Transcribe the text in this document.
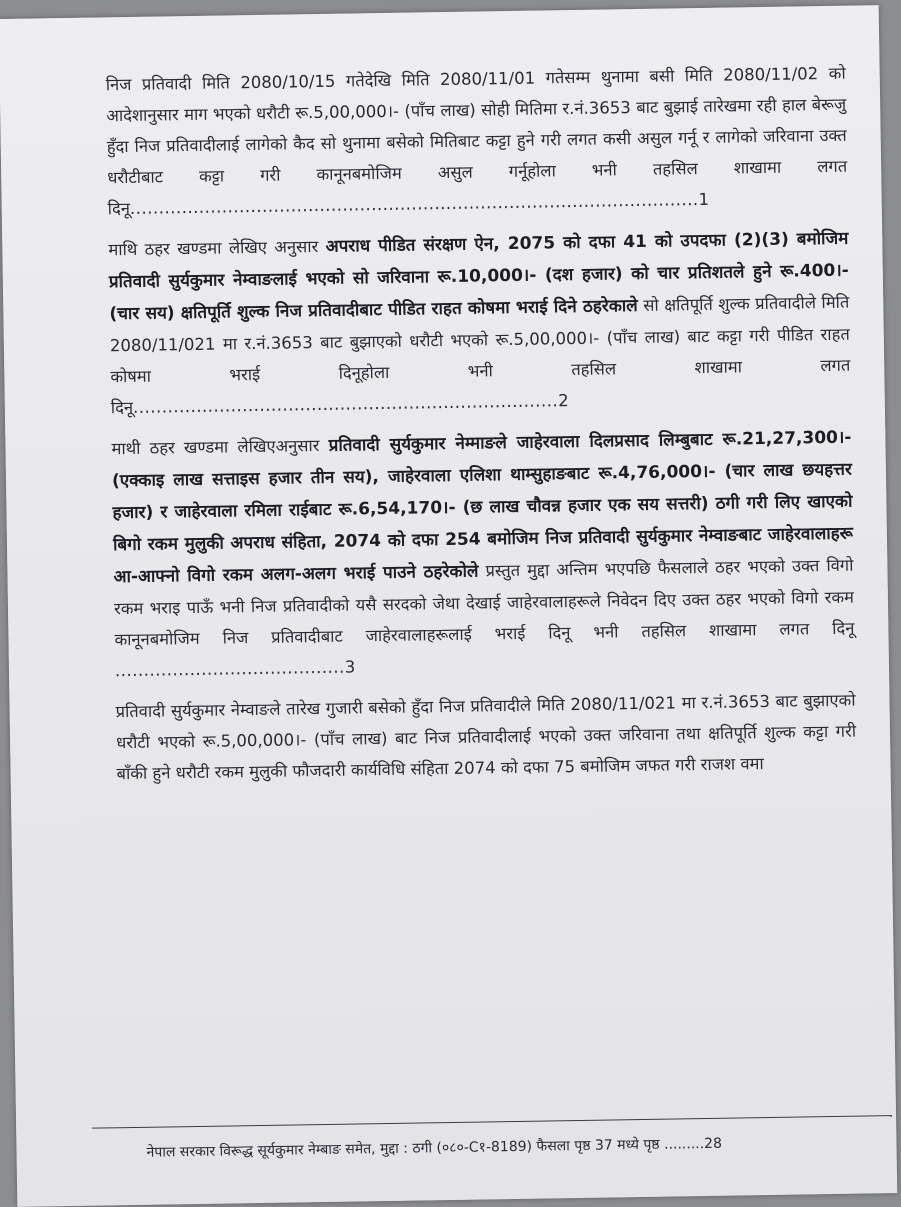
निज प्रतिवादी मिति 2080/10/15 गतेदेखि मिति 2080/11/01 गतेसम्म थुनामा बसी मिति 2080/11/02 को आदेशानुसार माग भएको धरौटी रू.5,00,000।- (पाँच लाख) सोही मितिमा र.नं.3653 बाट बुझाई तारेखमा रही हाल बेरूजु हुँदा निज प्रतिवादीलाई लागेको कैद सो थुनामा बसेको मितिबाट कट्टा हुने गरी लगत कसी असुल गर्नू र लागेको जरिवाना उक्त धरौटीबाट कट्टा गरी कानूनबमोजिम असुल गर्नूहोला भनी तहसिल शाखामा लगत दिनू...................................................................................................1

माथि ठहर खण्डमा लेखिए अनुसार अपराध पीडित संरक्षण ऐन, 2075 को दफा 41 को उपदफा (2)(3) बमोजिम प्रतिवादी सुर्यकुमार नेम्वाङलाई भएको सो जरिवाना रू.10,000।- (दश हजार) को चार प्रतिशतले हुने रू.400।- (चार सय) क्षतिपूर्ति शुल्क निज प्रतिवादीबाट पीडित राहत कोषमा भराई दिने ठहरेकाले सो क्षतिपूर्ति शुल्क प्रतिवादीले मिति 2080/11/021 मा र.नं.3653 बाट बुझाएको धरौटी भएको रू.5,00,000।- (पाँच लाख) बाट कट्टा गरी पीडित राहत कोषमा भराई दिनूहोला भनी तहसिल शाखामा लगत दिनू..........................................................................2

माथी ठहर खण्डमा लेखिएअनुसार प्रतिवादी सुर्यकुमार नेम्माङले जाहेरवाला दिलप्रसाद लिम्बुबाट रू.21,27,300।- (एक्काइ लाख सत्ताइस हजार तीन सय), जाहेरवाला एलिशा थाम्सुहाङबाट रू.4,76,000।- (चार लाख छयहत्तर हजार) र जाहेरवाला रमिला राईबाट रू.6,54,170।- (छ लाख चौवन्न हजार एक सय सत्तरी) ठगी गरी लिए खाएको बिगो रकम मुलुकी अपराध संहिता, 2074 को दफा 254 बमोजिम निज प्रतिवादी सुर्यकुमार नेम्वाङबाट जाहेरवालाहरू आ-आफ्नो विगो रकम अलग-अलग भराई पाउने ठहरेकोले प्रस्तुत मुद्दा अन्तिम भएपछि फैसलाले ठहर भएको उक्त विगो रकम भराइ पाऊँ भनी निज प्रतिवादीको यसै सरदको जेथा देखाई जाहेरवालाहरूले निवेदन दिए उक्त ठहर भएको विगो रकम कानूनबमोजिम निज प्रतिवादीबाट जाहेरवालाहरूलाई भराई दिनू भनी तहसिल शाखामा लगत दिनू ........................................3

प्रतिवादी सुर्यकुमार नेम्वाङले तारेख गुजारी बसेको हुँदा निज प्रतिवादीले मिति 2080/11/021 मा र.नं.3653 बाट बुझाएको धरौटी भएको रू.5,00,000।- (पाँच लाख) बाट निज प्रतिवादीलाई भएको उक्त जरिवाना तथा क्षतिपूर्ति शुल्क कट्टा गरी बाँकी हुने धरौटी रकम मुलुकी फौजदारी कार्यविधि संहिता 2074 को दफा 75 बमोजिम जफत गरी राजश वमा

नेपाल सरकार विरूद्ध सूर्यकुमार नेम्बाङ समेत, मुद्दा : ठगी (०८०-C१-8189) फैसला पृष्ठ 37 मध्ये पृष्ठ .........28
